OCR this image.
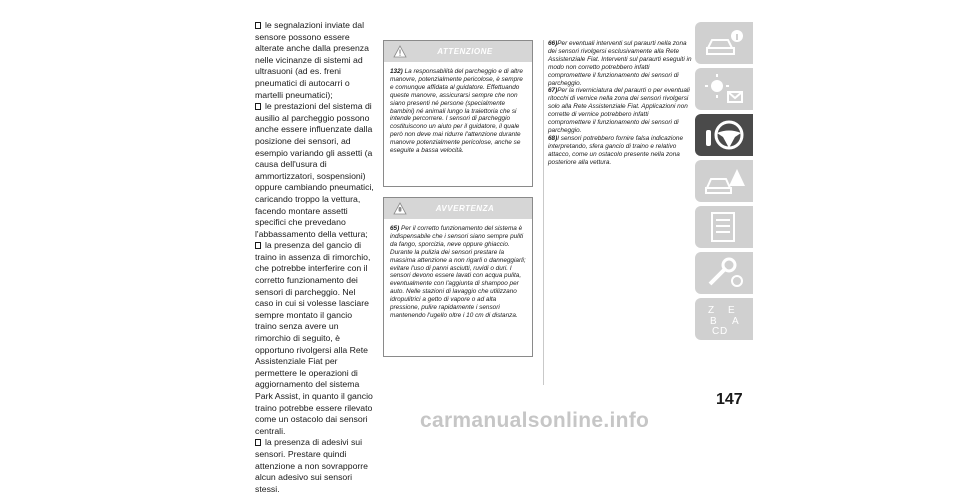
le segnalazioni inviate dal sensore possono essere alterate anche dalla presenza nelle vicinanze di sistemi ad ultrasuoni (ad es. freni pneumatici di autocarri o martelli pneumatici);
le prestazioni del sistema di ausilio al parcheggio possono anche essere influenzate dalla posizione dei sensori, ad esempio variando gli assetti (a causa dell'usura di ammortizzatori, sospensioni) oppure cambiando pneumatici, caricando troppo la vettura, facendo montare assetti specifici che prevedano l'abbassamento della vettura;
la presenza del gancio di traino in assenza di rimorchio, che potrebbe interferire con il corretto funzionamento dei sensori di parcheggio. Nel caso in cui si volesse lasciare sempre montato il gancio traino senza avere un rimorchio di seguito, è opportuno rivolgersi alla Rete Assistenziale Fiat per permettere le operazioni di aggiornamento del sistema Park Assist, in quanto il gancio traino potrebbe essere rilevato come un ostacolo dai sensori centrali.
la presenza di adesivi sui sensori. Prestare quindi attenzione a non sovrapporre alcun adesivo sui sensori stessi.
ATTENZIONE
132) La responsabilità del parcheggio e di altre manovre, potenzialmente pericolose, è sempre e comunque affidata al guidatore. Effettuando queste manovre, assicurarsi sempre che non siano presenti né persone (specialmente bambini) né animali lungo la traiettoria che si intende percorrere. I sensori di parcheggio costituiscono un aiuto per il guidatore, il quale però non deve mai ridurre l'attenzione durante manovre potenzialmente pericolose, anche se eseguite a bassa velocità.
AVVERTENZA
65) Per il corretto funzionamento del sistema è indispensabile che i sensori siano sempre puliti da fango, sporcizia, neve oppure ghiaccio. Durante la pulizia dei sensori prestare la massima attenzione a non rigarli o danneggiarli; evitare l'uso di panni asciutti, ruvidi o duri. I sensori devono essere lavati con acqua pulita, eventualmente con l'aggiunta di shampoo per auto. Nelle stazioni di lavaggio che utilizzano idropulitrici a getto di vapore o ad alta pressione, pulire rapidamente i sensori mantenendo l'ugello oltre i 10 cm di distanza.
66)Per eventuali interventi sul paraurti nella zona dei sensori rivolgersi esclusivamente alla Rete Assistenziale Fiat. Interventi sul paraurti eseguiti in modo non corretto potrebbero infatti compromettere il funzionamento dei sensori di parcheggio.
67)Per la riverniciatura del paraurti o per eventuali ritocchi di vernice nella zona dei sensori rivolgersi solo alla Rete Assistenziale Fiat. Applicazioni non corrette di vernice potrebbero infatti compromettere il funzionamento dei sensori di parcheggio.
68)I sensori potrebbero fornire falsa indicazione interpretando, sfera gancio di traino e relativo attacco, come un ostacolo presente nella zona posteriore alla vettura.
Z E
B A
D
C
147
carmanualsonline.info
